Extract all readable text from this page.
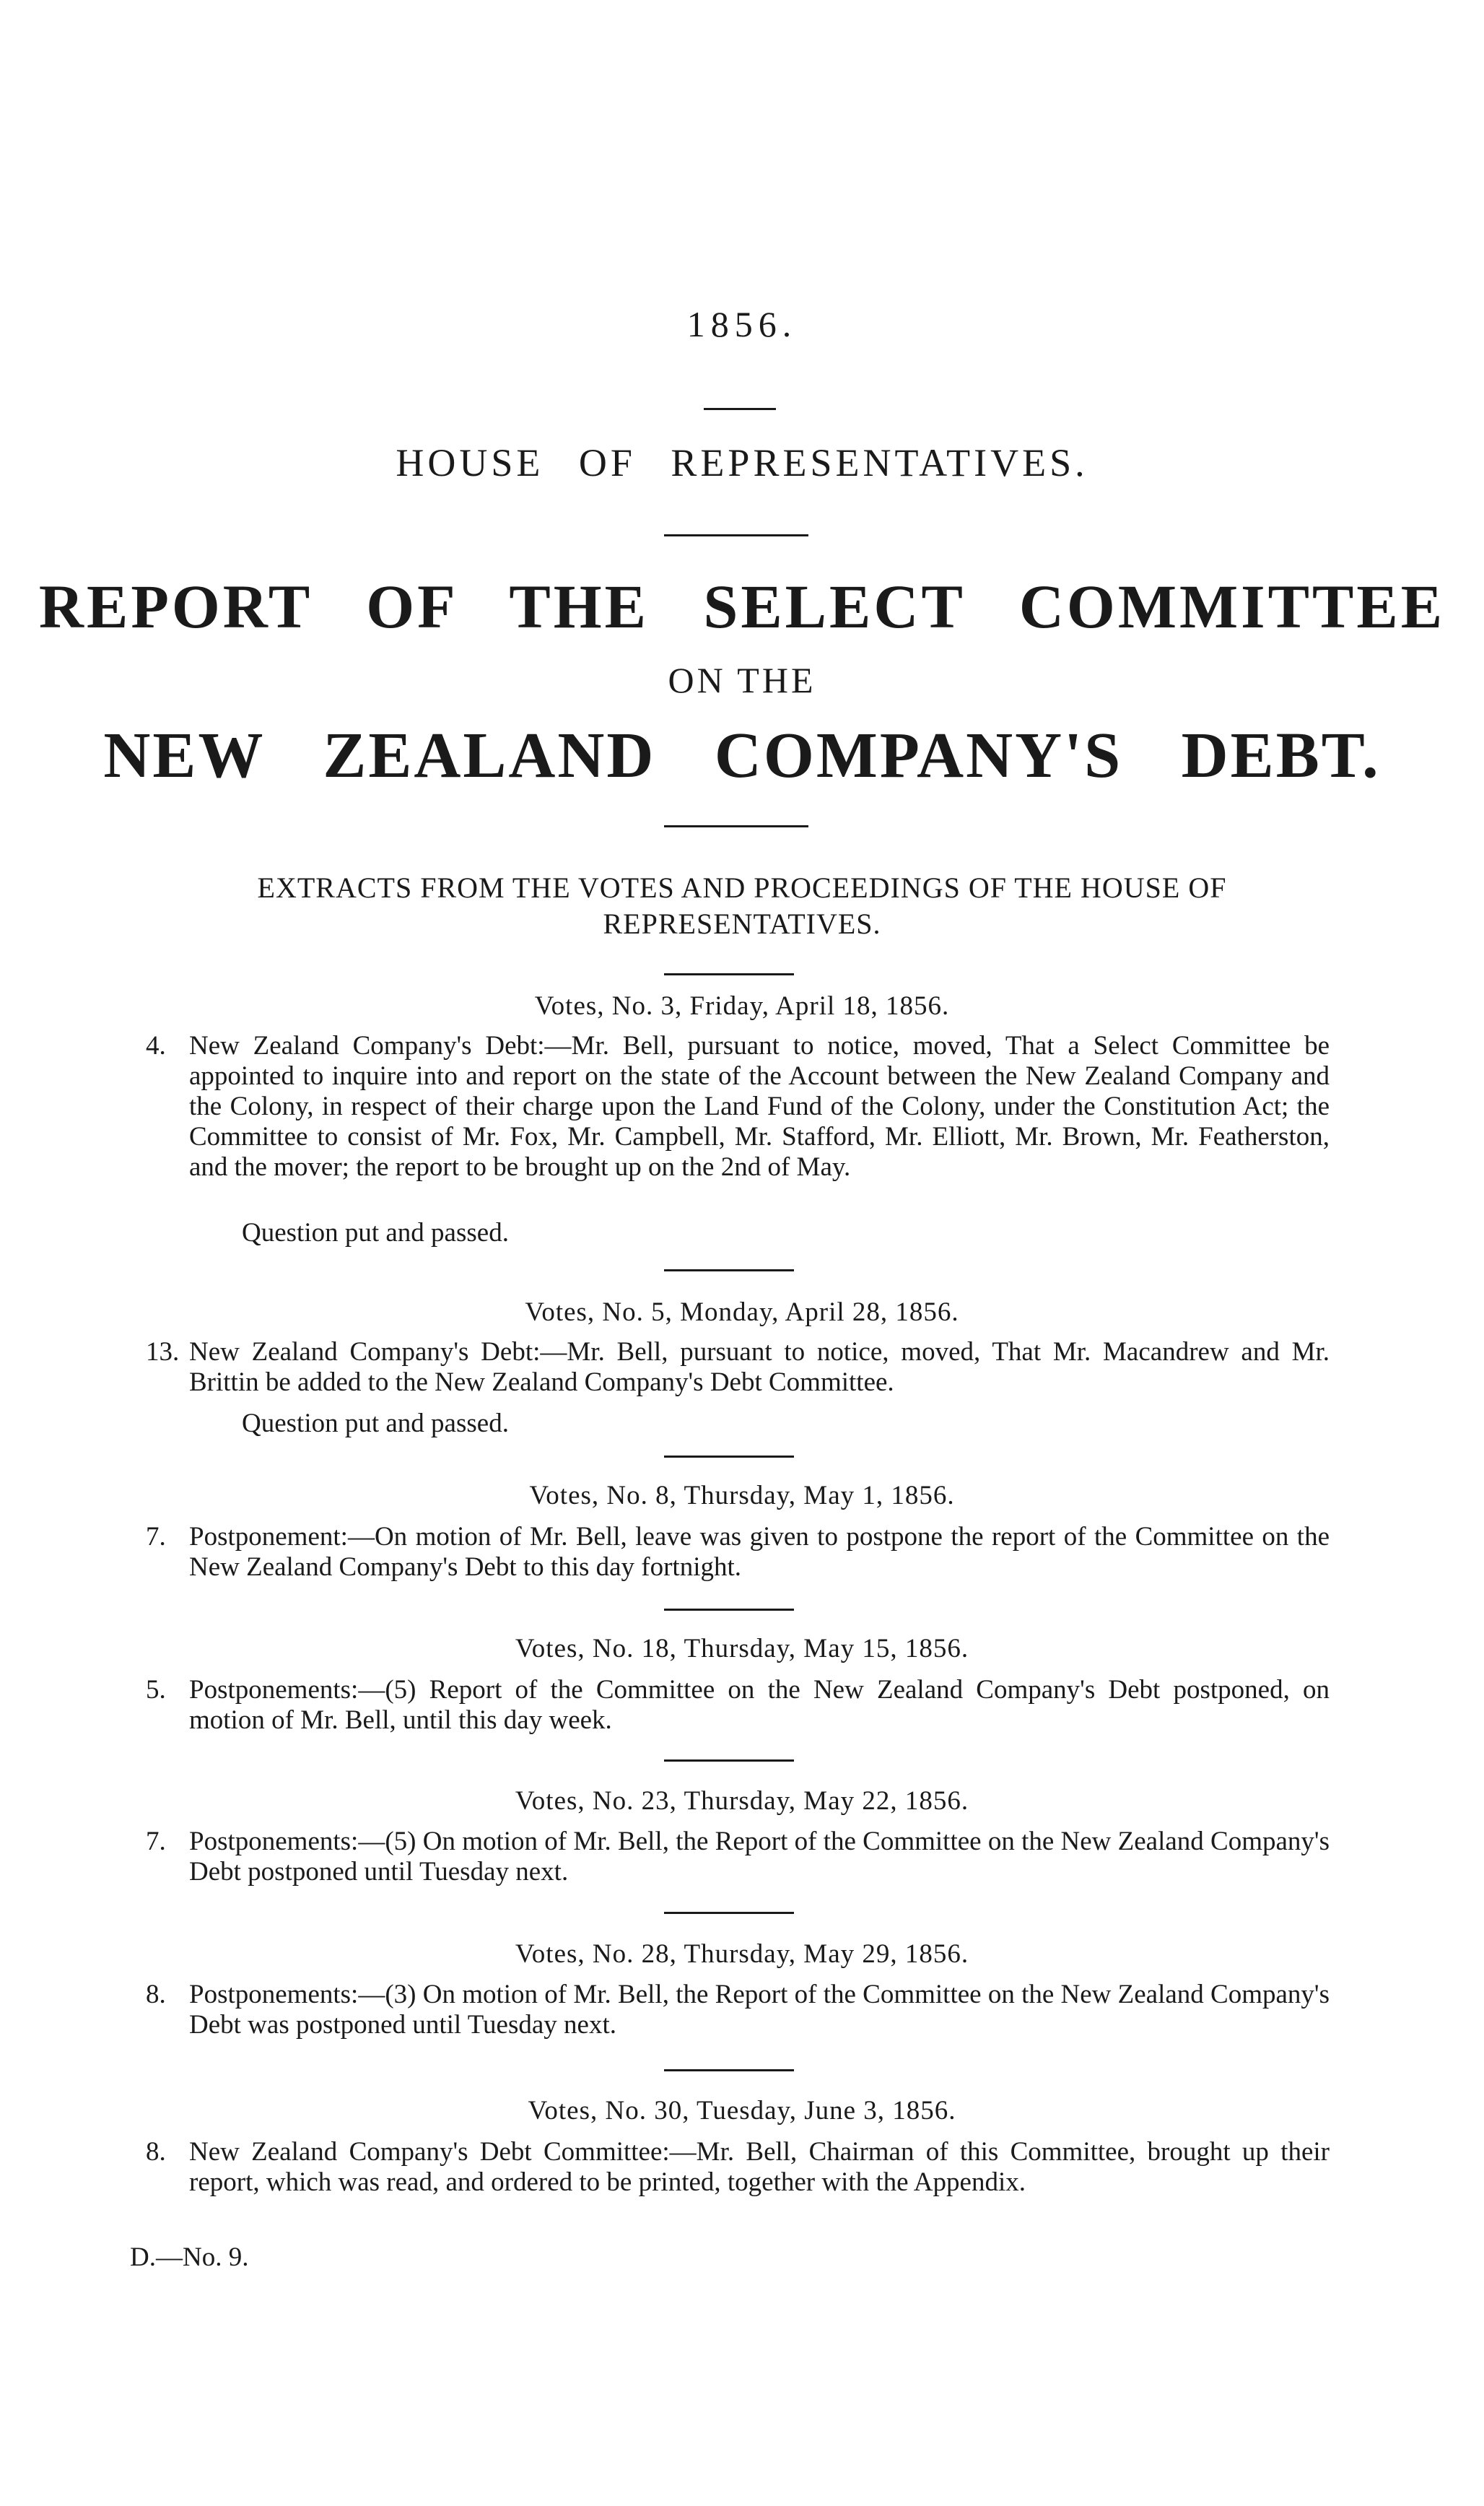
1856.
HOUSE OF REPRESENTATIVES.
REPORT OF THE SELECT COMMITTEE
ON THE
NEW ZEALAND COMPANY'S DEBT.
EXTRACTS FROM THE VOTES AND PROCEEDINGS OF THE HOUSE OF REPRESENTATIVES.
Votes, No. 3, Friday, April 18, 1856.
4. New Zealand Company's Debt:—Mr. Bell, pursuant to notice, moved, That a Select Committee be appointed to inquire into and report on the state of the Account between the New Zealand Company and the Colony, in respect of their charge upon the Land Fund of the Colony, under the Constitution Act; the Committee to consist of Mr. Fox, Mr. Campbell, Mr. Stafford, Mr. Elliott, Mr. Brown, Mr. Featherston, and the mover; the report to be brought up on the 2nd of May.
Question put and passed.
Votes, No. 5, Monday, April 28, 1856.
13. New Zealand Company's Debt:—Mr. Bell, pursuant to notice, moved, That Mr. Macandrew and Mr. Brittin be added to the New Zealand Company's Debt Committee.
Question put and passed.
Votes, No. 8, Thursday, May 1, 1856.
7. Postponement:—On motion of Mr. Bell, leave was given to postpone the report of the Committee on the New Zealand Company's Debt to this day fortnight.
Votes, No. 18, Thursday, May 15, 1856.
5. Postponements:—(5) Report of the Committee on the New Zealand Company's Debt postponed, on motion of Mr. Bell, until this day week.
Votes, No. 23, Thursday, May 22, 1856.
7. Postponements:—(5) On motion of Mr. Bell, the Report of the Committee on the New Zealand Company's Debt postponed until Tuesday next.
Votes, No. 28, Thursday, May 29, 1856.
8. Postponements:—(3) On motion of Mr. Bell, the Report of the Committee on the New Zealand Company's Debt was postponed until Tuesday next.
Votes, No. 30, Tuesday, June 3, 1856.
8. New Zealand Company's Debt Committee:—Mr. Bell, Chairman of this Committee, brought up their report, which was read, and ordered to be printed, together with the Appendix.
D.—No. 9.
